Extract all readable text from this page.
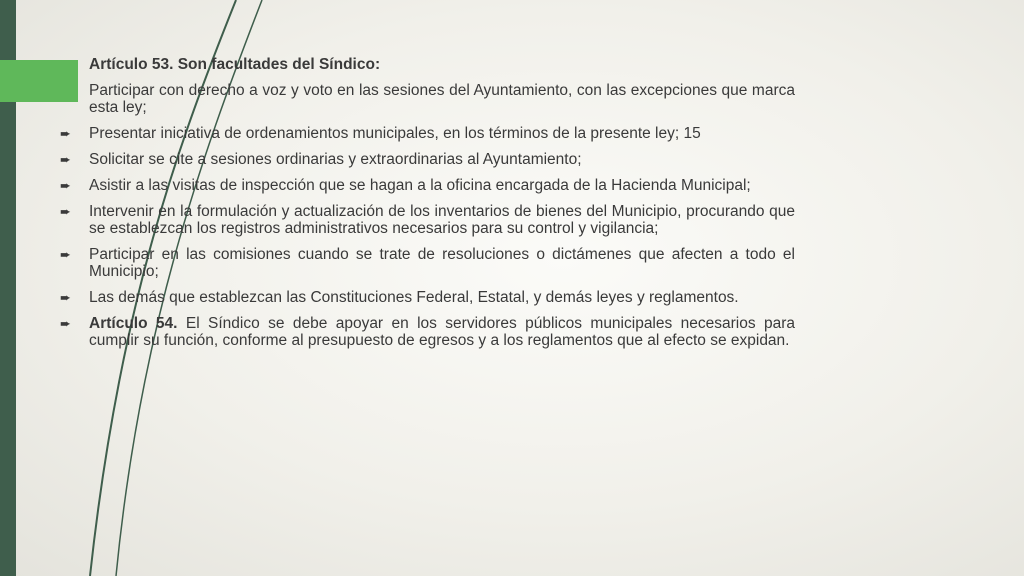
Artículo 53. Son facultades del Síndico:
Participar con derecho a voz y voto en las sesiones del Ayuntamiento, con las excepciones que marca esta ley;
➨	Presentar iniciativa de ordenamientos municipales, en los términos de la presente ley; 15
➨	Solicitar se cite a sesiones ordinarias y extraordinarias al Ayuntamiento;
➨	Asistir a las visitas de inspección que se hagan a la oficina encargada de la Hacienda Municipal;
➨	Intervenir en la formulación y actualización de los inventarios de bienes del Municipio, procurando que se establezcan los registros administrativos necesarios para su control y vigilancia;
➨	Participar en las comisiones cuando se trate de resoluciones o dictámenes que afecten a todo el Municipio;
➨	Las demás que establezcan las Constituciones Federal, Estatal, y demás leyes y reglamentos.
➨	Artículo 54. El Síndico se debe apoyar en los servidores públicos municipales necesarios para cumplir su función, conforme al presupuesto de egresos y a los reglamentos que al efecto se expidan.
